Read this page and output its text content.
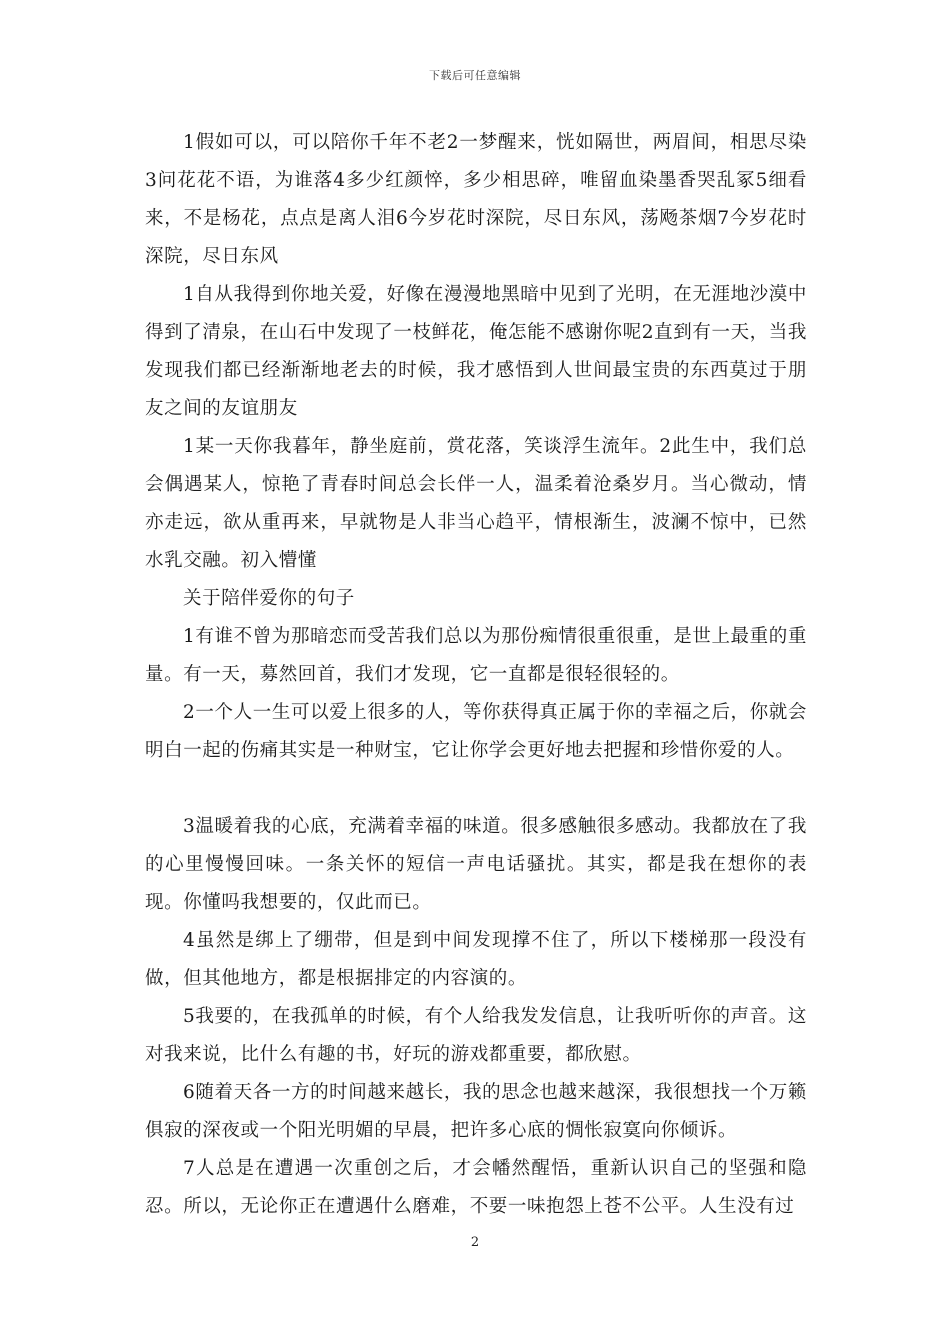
下载后可任意编辑

1假如可以，可以陪你千年不老2一梦醒来，恍如隔世，两眉间，相思尽染3问花花不语，为谁落4多少红颜悴，多少相思碎，唯留血染墨香哭乱冢5细看来，不是杨花，点点是离人泪6今岁花时深院，尽日东风，荡飏茶烟7今岁花时深院，尽日东风

1自从我得到你地关爱，好像在漫漫地黑暗中见到了光明，在无涯地沙漠中得到了清泉，在山石中发现了一枝鲜花，俺怎能不感谢你呢2直到有一天，当我发现我们都已经渐渐地老去的时候，我才感悟到人世间最宝贵的东西莫过于朋友之间的友谊朋友

1某一天你我暮年，静坐庭前，赏花落，笑谈浮生流年。2此生中，我们总会偶遇某人，惊艳了青春时间总会长伴一人，温柔着沧桑岁月。当心微动，情亦走远，欲从重再来，早就物是人非当心趋平，情根渐生，波澜不惊中，已然水乳交融。初入懵懂

关于陪伴爱你的句子

1有谁不曾为那暗恋而受苦我们总以为那份痴情很重很重，是世上最重的重量。有一天，募然回首，我们才发现，它一直都是很轻很轻的。

2一个人一生可以爱上很多的人，等你获得真正属于你的幸福之后，你就会明白一起的伤痛其实是一种财宝，它让你学会更好地去把握和珍惜你爱的人。

3温暖着我的心底，充满着幸福的味道。很多感触很多感动。我都放在了我的心里慢慢回味。一条关怀的短信一声电话骚扰。其实，都是我在想你的表现。你懂吗我想要的，仅此而已。

4虽然是绑上了绷带，但是到中间发现撑不住了，所以下楼梯那一段没有做，但其他地方，都是根据排定的内容演的。

5我要的，在我孤单的时候，有个人给我发发信息，让我听听你的声音。这对我来说，比什么有趣的书，好玩的游戏都重要，都欣慰。

6随着天各一方的时间越来越长，我的思念也越来越深，我很想找一个万籁俱寂的深夜或一个阳光明媚的早晨，把许多心底的惆怅寂寞向你倾诉。

7人总是在遭遇一次重创之后，才会幡然醒悟，重新认识自己的坚强和隐忍。所以，无论你正在遭遇什么磨难，不要一味抱怨上苍不公平。人生没有过

2
